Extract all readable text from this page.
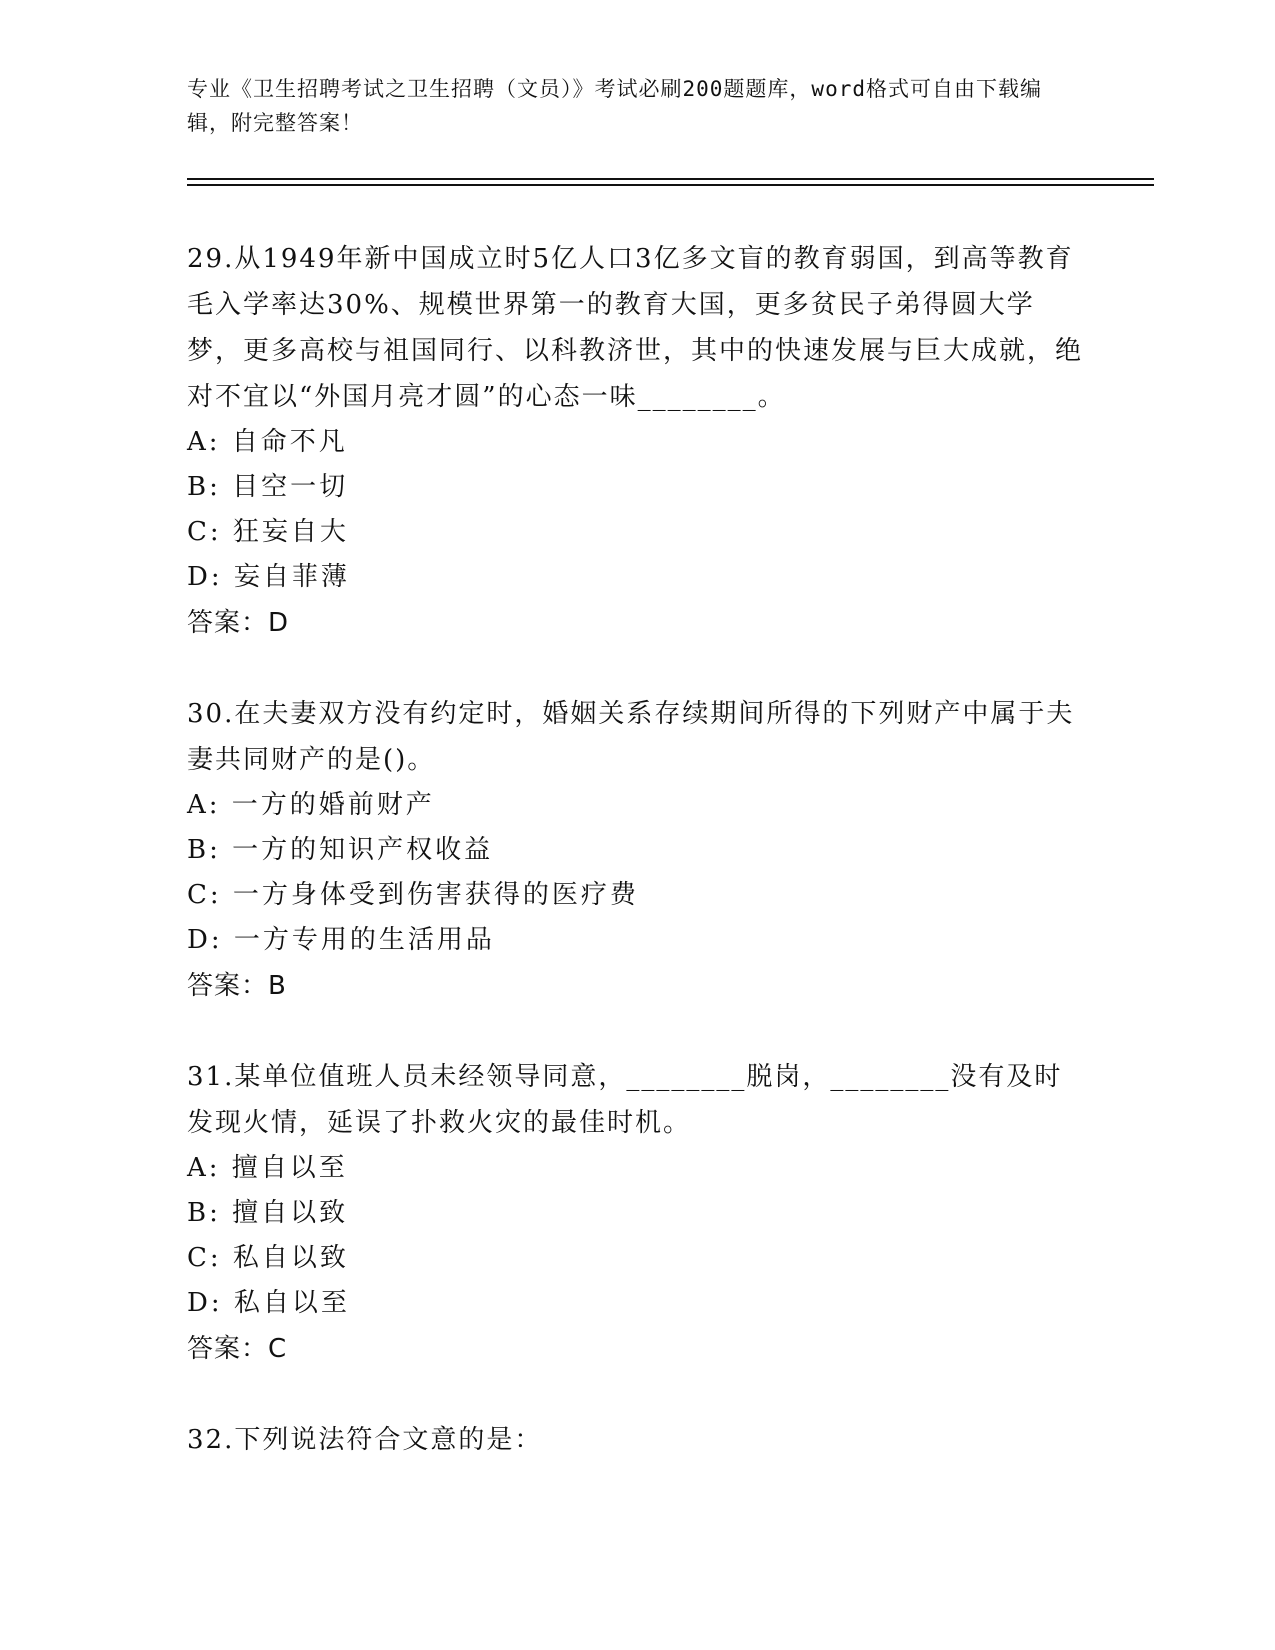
专业《卫生招聘考试之卫生招聘（文员）》考试必刷200题题库，word格式可自由下载编辑，附完整答案！

29.从1949年新中国成立时5亿人口3亿多文盲的教育弱国，到高等教育毛入学率达30%、规模世界第一的教育大国，更多贫民子弟得圆大学梦，更多高校与祖国同行、以科教济世，其中的快速发展与巨大成就，绝对不宜以“外国月亮才圆”的心态一味________。

A: 自命不凡

B: 目空一切

C: 狂妄自大

D: 妄自菲薄

答案：D

30.在夫妻双方没有约定时，婚姻关系存续期间所得的下列财产中属于夫妻共同财产的是()。

A: 一方的婚前财产

B: 一方的知识产权收益

C: 一方身体受到伤害获得的医疗费

D: 一方专用的生活用品

答案：B

31.某单位值班人员未经领导同意，________脱岗，________没有及时发现火情，延误了扑救火灾的最佳时机。

A: 擅自以至

B: 擅自以致

C: 私自以致

D: 私自以至

答案：C

32.下列说法符合文意的是：
